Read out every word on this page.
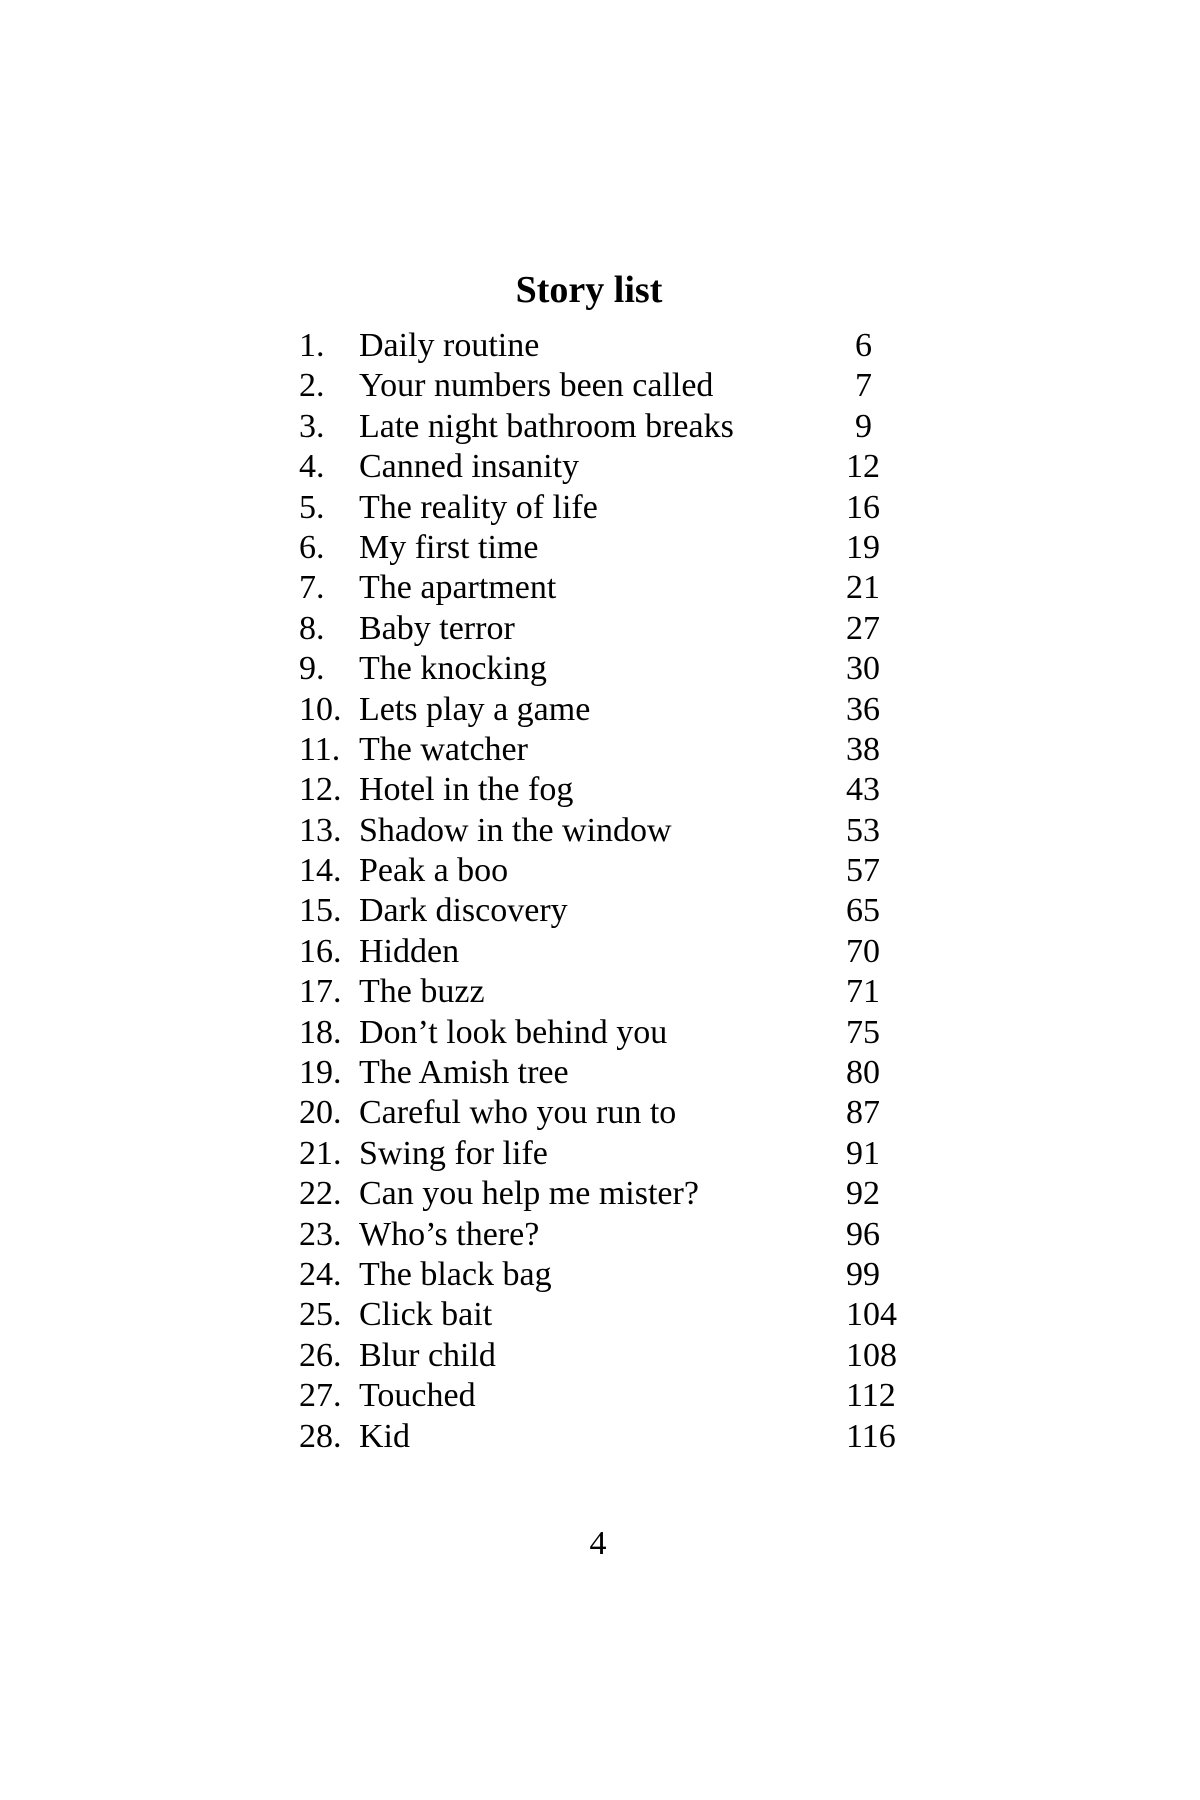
Story list
1. Daily routine	6
2. Your numbers been called	7
3. Late night bathroom breaks	9
4. Canned insanity	12
5. The reality of life	16
6. My first time	19
7. The apartment	21
8. Baby terror	27
9. The knocking	30
10. Lets play a game	36
11. The watcher	38
12. Hotel in the fog	43
13. Shadow in the window	53
14. Peak a boo	57
15. Dark discovery	65
16. Hidden	70
17. The buzz	71
18. Don’t look behind you	75
19. The Amish tree	80
20. Careful who you run to	87
21. Swing for life	91
22. Can you help me mister?	92
23. Who’s there?	96
24. The black bag	99
25. Click bait	104
26. Blur child	108
27. Touched	112
28. Kid	116
4
